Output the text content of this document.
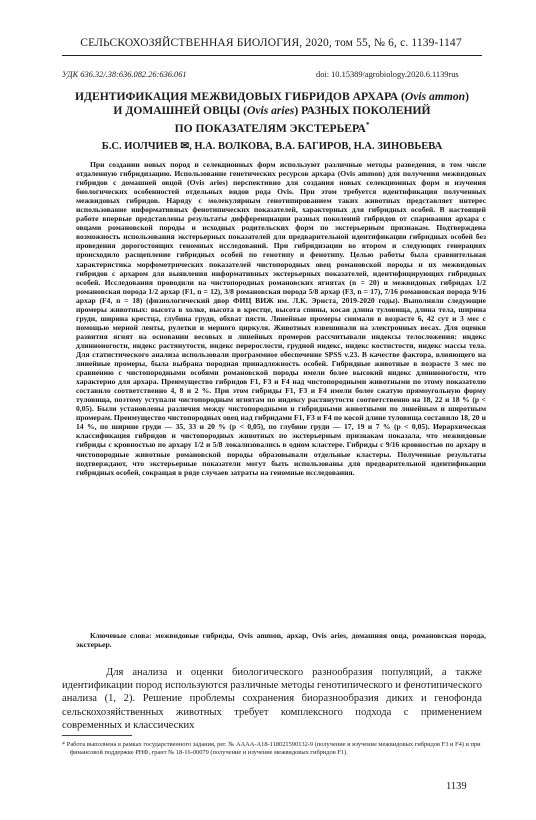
СЕЛЬСКОХОЗЯЙСТВЕННАЯ БИОЛОГИЯ, 2020, том 55, № 6, с. 1139-1147
УДК 636.32/.38:636.082.26:636.061	doi: 10.15389/agrobiology.2020.6.1139rus
ИДЕНТИФИКАЦИЯ МЕЖВИДОВЫХ ГИБРИДОВ АРХАРА (Ovis ammon)
И ДОМАШНЕЙ ОВЦЫ (Ovis aries) РАЗНЫХ ПОКОЛЕНИЙ
ПО ПОКАЗАТЕЛЯМ ЭКСТЕРЬЕРА*
Б.С. ИОЛЧИЕВ ✉, Н.А. ВОЛКОВА, В.А. БАГИРОВ, Н.А. ЗИНОВЬЕВА
При создании новых пород и селекционных форм используют различные методы разведения, в том числе отдаленную гибридизацию. Использование генетических ресурсов архара (Ovis ammon) для получения межвидовых гибридов с домашней овцой (Ovis aries) перспективно для создания новых селекционных форм и изучения биологических особенностей отдельных видов рода Ovis. При этом требуется идентификация полученных межвидовых гибридов. Наряду с молекулярным генотипированием таких животных представляет интерес использование информативных фенотипических показателей, характерных для гибридных особей. В настоящей работе впервые представлены результаты дифференциации разных поколений гибридов от спаривания архара с овцами романовской породы и исходных родительских форм по экстерьерным признакам. Подтверждена возможность использования экстерьерных показателей для предварительной идентификации гибридных особей без проведения дорогостоящих геномных исследований. При гибридизации во втором и следующих генерациях происходило расщепление гибридных особей по генотипу и фенотипу. Целью работы была сравнительная характеристика морфометрических показателей чистопородных овец романовской породы и их межвидовых гибридов с архаром для выявления информативных экстерьерных показателей, идентифицирующих гибридных особей. Исследования проводили на чистопородных романовских ягнятах (n = 20) и межвидовых гибридах 1/2 романовская порода 1/2 архар (F1, n = 12), 3/8 романовская порода 5/8 архар (F3, n = 17), 7/16 романовская порода 9/16 архар (F4, n = 18) (физиологический двор ФИЦ ВИЖ им. Л.К. Эрнста, 2019-2020 годы). Выполняли следующие промеры животных: высота в холке, высота в крестце, высота спины, косая длина туловища, длина тела, ширина груди, ширина крестца, глубина груди, обхват пясти. Линейные промеры снимали в возрасте 6, 42 сут и 3 мес с помощью мерной ленты, рулетки и мерного циркуля. Животных взвешивали на электронных весах. Для оценки развития ягнят на основании весовых и линейных промеров рассчитывали индексы телосложения: индекс длинноногости, индекс растянутости, индекс перерослости, грудной индекс, индекс костистости, индекс массы тела. Для статистического анализа использовали программное обеспечение SPSS v.23. В качестве фактора, влияющего на линейные промеры, была выбрана породная принадлежность особей. Гибридные животные в возрасте 3 мес по сравнению с чистопородными особями романовской породы имели более высокий индекс длинноногости, что характерно для архара. Преимущество гибридов F1, F3 и F4 над чистопородными животными по этому показателю составило соответственно 4, 8 и 2 %. При этом гибриды F1, F3 и F4 имели более сжатую прямоугольную форму туловища, поэтому уступали чистопородным ягнятам по индексу растянутости соответственно на 18, 22 и 18 % (p < 0,05). Были установлены различия между чистопородными и гибридными животными по линейным и широтным промерам. Преимущество чистопородных овец над гибридами F1, F3 и F4 по косой длине туловища составило 18, 20 и 14 %, по ширине груди — 35, 33 и 20 % (p < 0,05), по глубине груди — 17, 19 и 7 % (p < 0,05). Иерархическая классификация гибридов и чистопородных животных по экстерьерным признакам показала, что межвидовые гибриды с кровностью по архару 1/2 и 5/8 локализовались в одном кластере. Гибриды с 9/16 кровностью по архару и чистопородные животные романовской породы образовывали отдельные кластеры. Полученные результаты подтверждают, что экстерьерные показатели могут быть использованы для предварительной идентификации гибридных особей, сокращая в ряде случаев затраты на геномные исследования.
Ключевые слова: межвидовые гибриды, Ovis ammon, архар, Ovis aries, домашняя овца, романовская порода, экстерьер.
Для анализа и оценки биологического разнообразия популяций, а также идентификации пород используются различные методы генотипического и фенотипического анализа (1, 2). Решение проблемы сохранения биоразнообразия диких и генофонда сельскохозяйственных животных требует комплексного подхода с применением современных и классических
* Работа выполнена в рамках государственного задания, рег. № АААА-А18-118021590132-9 (получение и изучение межвидовых гибридов F3 и F4) и при финансовой поддержке РНФ, грант № 18-16-00079 (получение и изучение межвидовых гибридов F1).
1139
